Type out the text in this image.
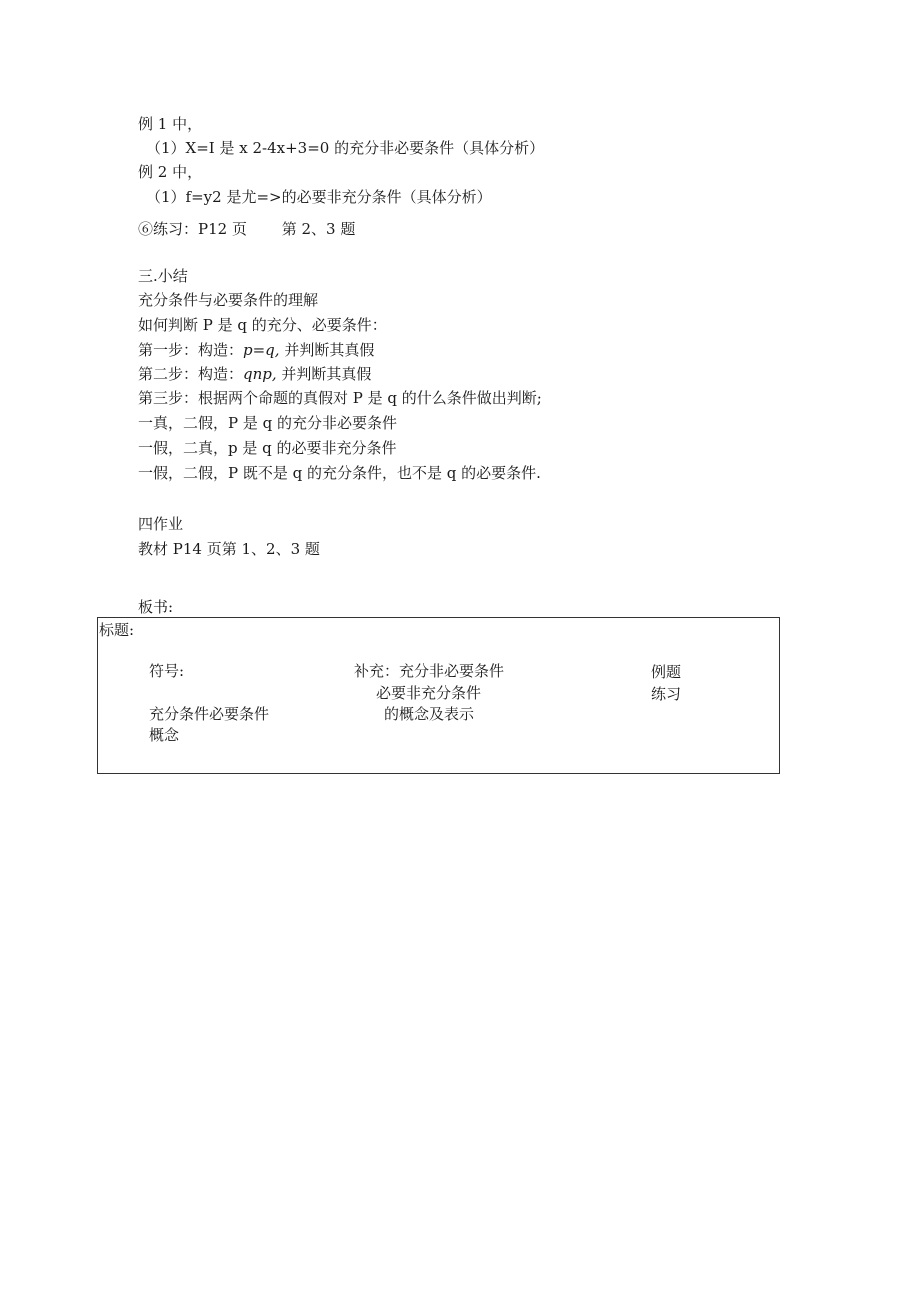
例 1 中，
（1）X=I 是 x 2-4x+3=0 的充分非必要条件（具体分析）
例 2 中，
（1）f=y2 是尤=>的必要非充分条件（具体分析）
⑥练习：P12 页　　 第 2、3 题
三.小结
充分条件与必要条件的理解
如何判断 P 是 q 的充分、必要条件：
第一步：构造：p=q, 并判断其真假
第二步：构造：qnp, 并判断其真假
第三步：根据两个命题的真假对 P 是 q 的什么条件做出判断;
一真，二假，P 是 q 的充分非必要条件
一假，二真，p 是 q 的必要非充分条件
一假，二假，P 既不是 q 的充分条件，也不是 q 的必要条件.
四作业
教材 P14 页第 1、2、3 题
板书:
标题:
符号:
充分条件必要条件
概念
补充：充分非必要条件
必要非充分条件
的概念及表示
例题
练习
